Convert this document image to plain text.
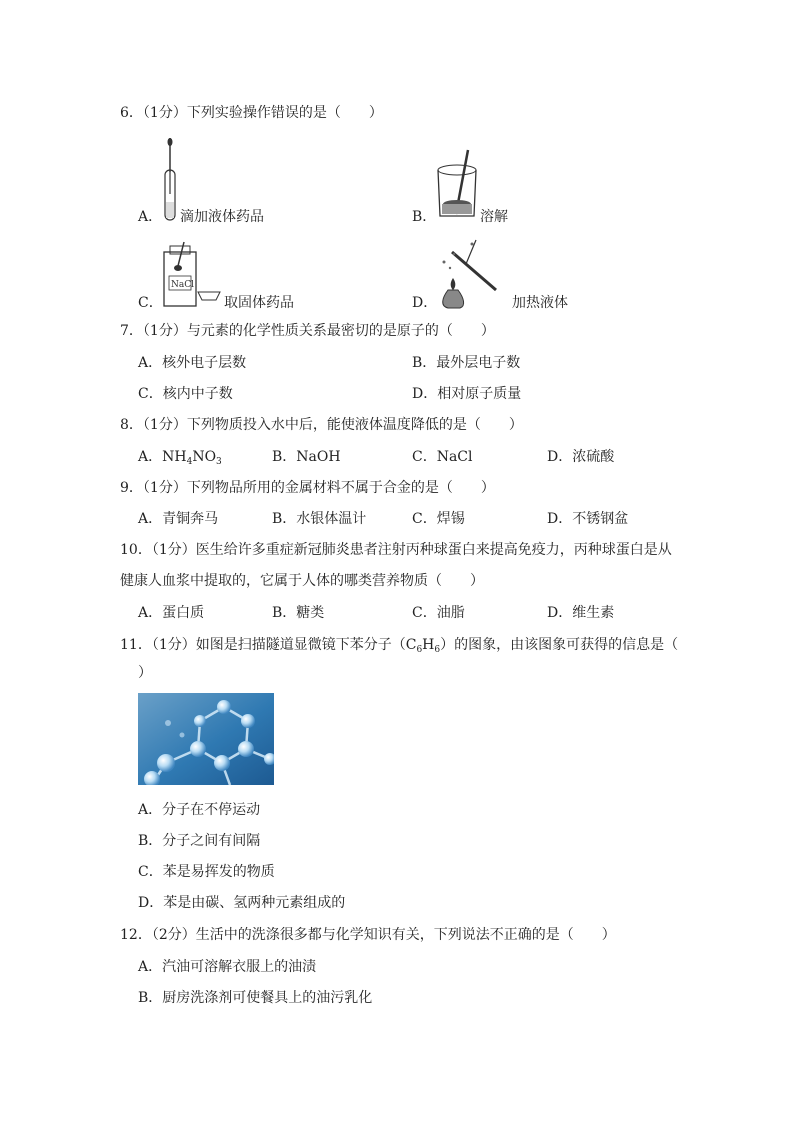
6．（1分）下列实验操作错误的是（　　）
A． 滴加液体药品	B．	溶解
NaCl
C．	取固体药品	D．	加热液体
7．（1分）与元素的化学性质关系最密切的是原子的（　　）
A．核外电子层数	B．最外层电子数
C．核内中子数	D．相对原子质量
8．（1分）下列物质投入水中后，能使液体温度降低的是（　　）
A．$NH_4NO_3$	B．NaOH	C．NaCl	D．浓硫酸
9．（1分）下列物品所用的金属材料不属于合金的是（　　）
A．青铜奔马	B．水银体温计	C．焊锡	D．不锈钢盆
10．（1分）医生给许多重症新冠肺炎患者注射丙种球蛋白来提高免疫力，丙种球蛋白是从
健康人血浆中提取的，它属于人体的哪类营养物质（　　）
A．蛋白质	B．糖类	C．油脂	D．维生素
11．（1分）如图是扫描隧道显微镜下苯分子$(C_6H_6)$的图象，由该图象可获得的信息是（
）
A．分子在不停运动
B．分子之间有间隔
C．苯是易挥发的物质
D．苯是由碳、氢两种元素组成的
12．（2分）生活中的洗涤很多都与化学知识有关，下列说法不正确的是（　　）
A．汽油可溶解衣服上的油渍
B．厨房洗涤剂可使餐具上的油污乳化
